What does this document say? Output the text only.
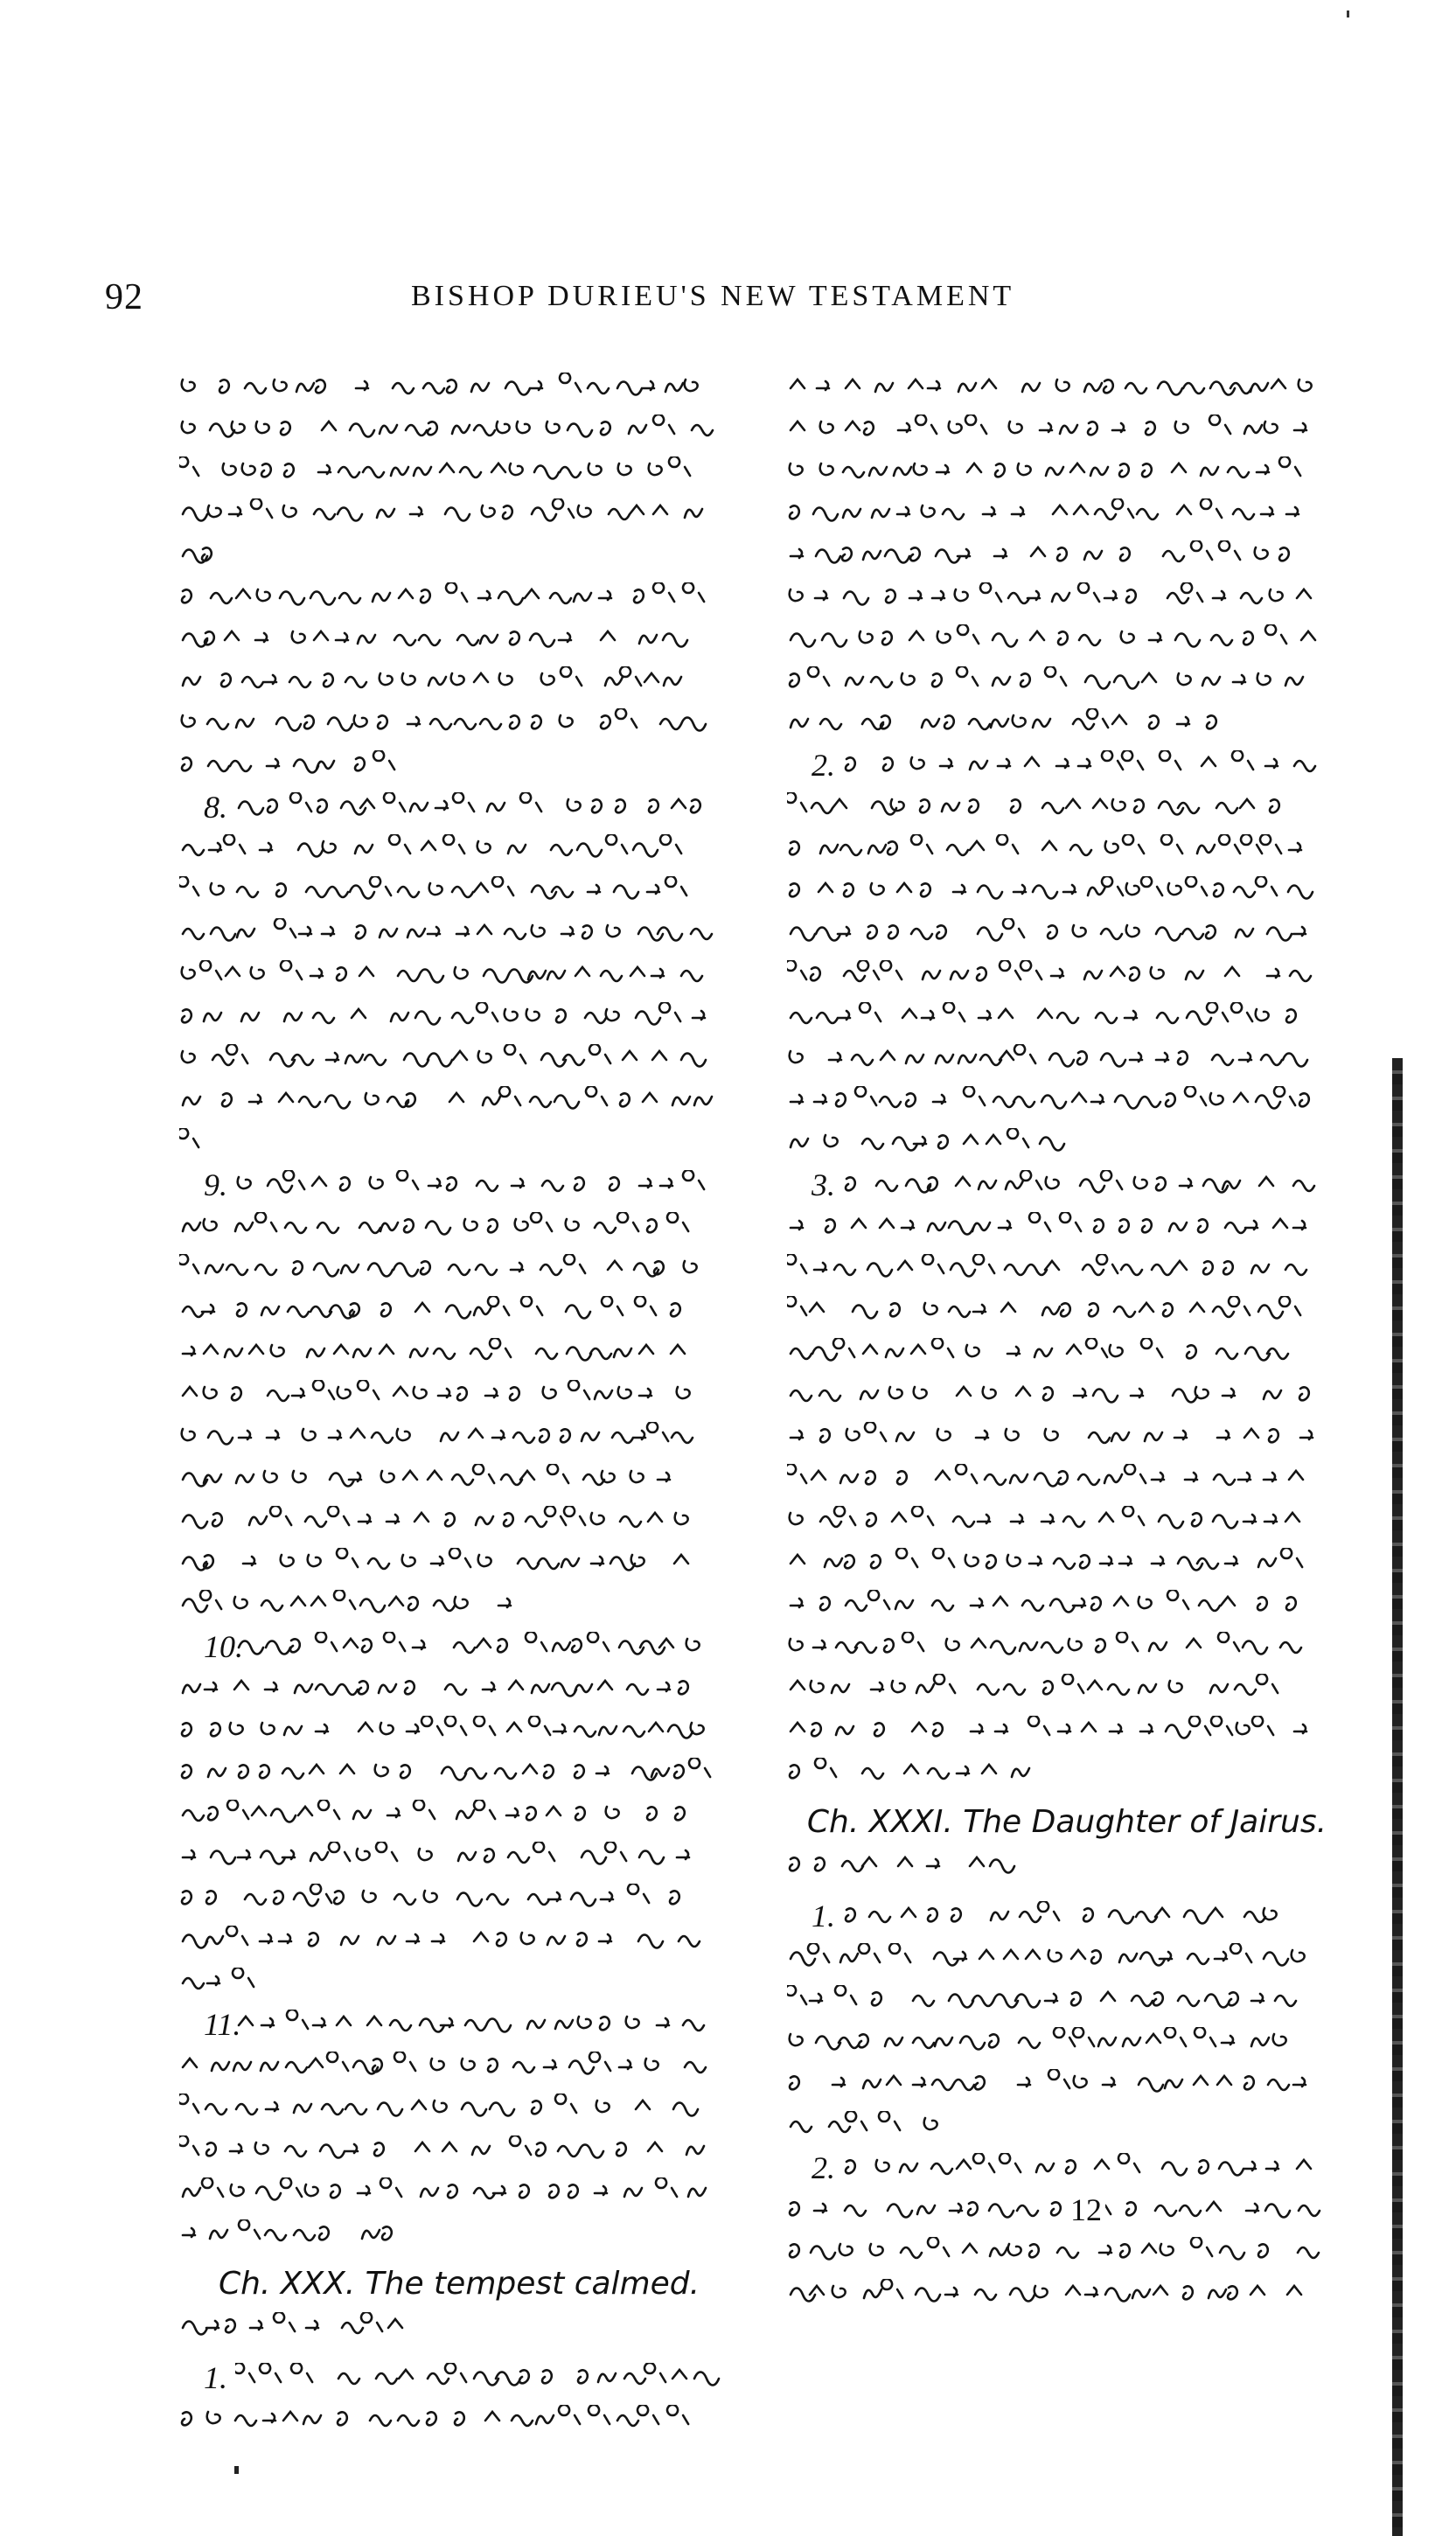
92	BISHOP DURIEU'S NEW TESTAMENT
8.
9.
10.
11.
Ch. XXX. The tempest calmed.
1.
2.
3.
Ch. XXXI. The Daughter of Jairus.
1.
2.
12
